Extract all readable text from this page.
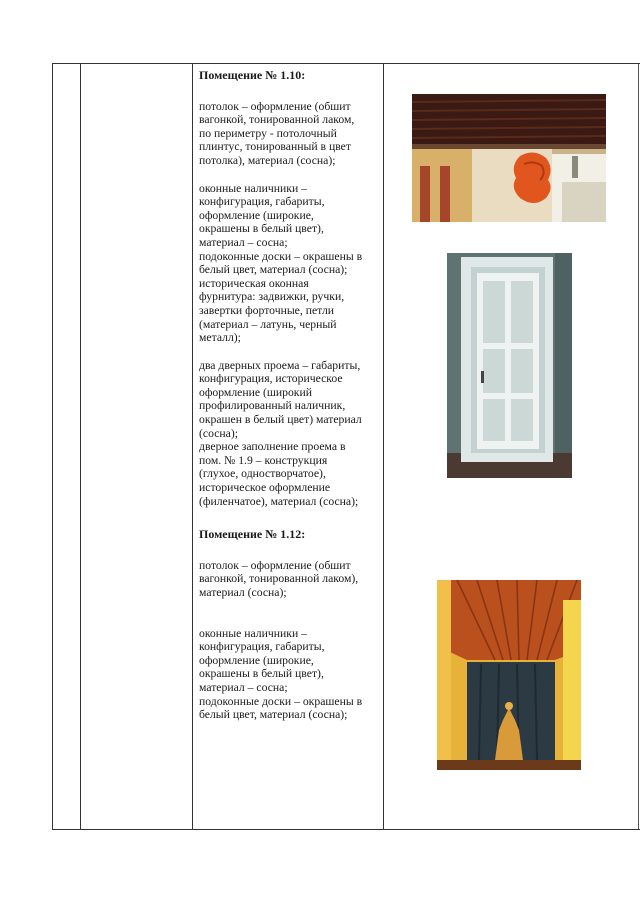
Помещение № 1.10:

потолок – оформление (обшит
вагонкой, тонированной лаком,
по периметру - потолочный
плинтус, тонированный в цвет
потолка), материал (сосна);

оконные наличники –
конфигурация, габариты,
оформление (широкие,
окрашены в белый цвет),
материал – сосна;
подоконные доски – окрашены в
белый цвет, материал (сосна);
историческая оконная
фурнитура: задвижки, ручки,
завертки форточные, петли
(материал – латунь, черный
металл);

два дверных проема – габариты,
конфигурация, историческое
оформление (широкий
профилированный наличник,
окрашен в белый цвет) материал
(сосна);
дверное заполнение проема в
пом. № 1.9 – конструкция
(глухое, одностворчатое),
историческое оформление
(филенчатое), материал (сосна);

Помещение № 1.12:

потолок – оформление (обшит
вагонкой, тонированной лаком),
материал (сосна);

оконные наличники –
конфигурация, габариты,
оформление (широкие,
окрашены в белый цвет),
материал – сосна;
подоконные доски – окрашены в
белый цвет, материал (сосна);
